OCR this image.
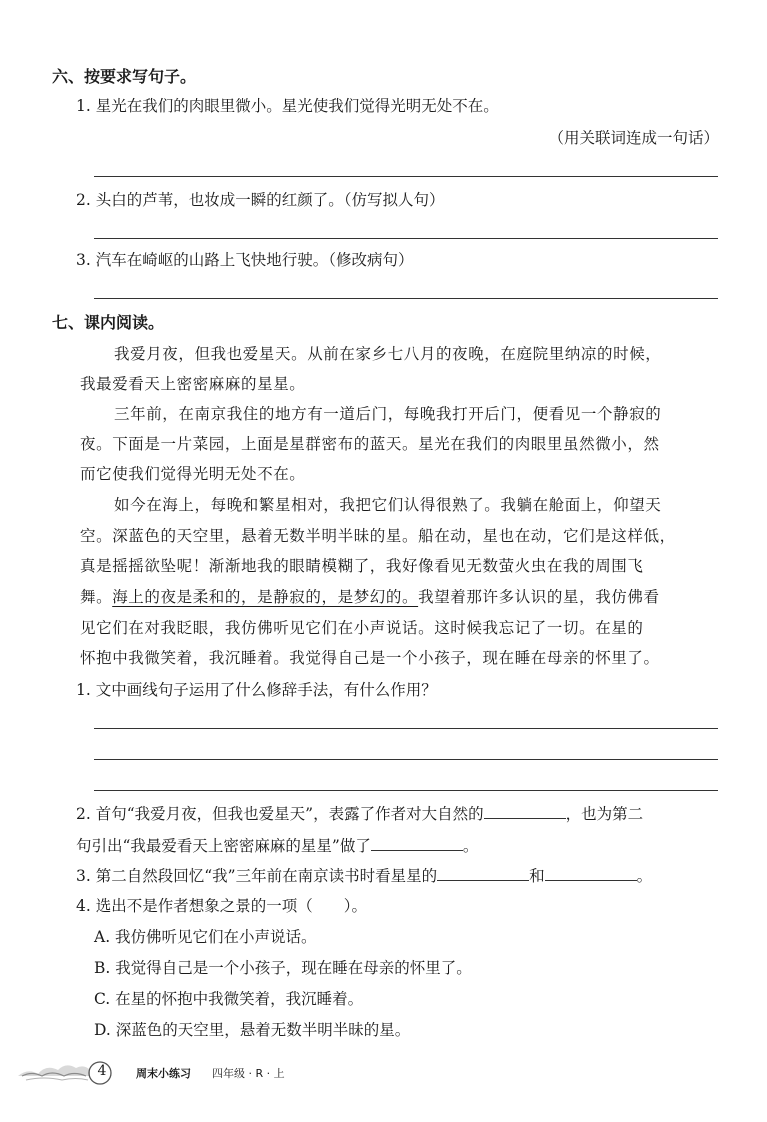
六、按要求写句子。
1. 星光在我们的肉眼里微小。星光使我们觉得光明无处不在。
（用关联词连成一句话）
2. 头白的芦苇，也妆成一瞬的红颜了。（仿写拟人句）
3. 汽车在崎岖的山路上飞快地行驶。（修改病句）
七、课内阅读。
我爱月夜，但我也爱星天。从前在家乡七八月的夜晚，在庭院里纳凉的时候，
我最爱看天上密密麻麻的星星。
三年前，在南京我住的地方有一道后门，每晚我打开后门，便看见一个静寂的
夜。下面是一片菜园，上面是星群密布的蓝天。星光在我们的肉眼里虽然微小，然
而它使我们觉得光明无处不在。
如今在海上，每晚和繁星相对，我把它们认得很熟了。我躺在舱面上，仰望天
空。深蓝色的天空里，悬着无数半明半昧的星。船在动，星也在动，它们是这样低，
真是摇摇欲坠呢！渐渐地我的眼睛模糊了，我好像看见无数萤火虫在我的周围飞
舞。海上的夜是柔和的，是静寂的，是梦幻的。我望着那许多认识的星，我仿佛看
见它们在对我眨眼，我仿佛听见它们在小声说话。这时候我忘记了一切。在星的
怀抱中我微笑着，我沉睡着。我觉得自己是一个小孩子，现在睡在母亲的怀里了。
1. 文中画线句子运用了什么修辞手法，有什么作用？
2. 首句“我爱月夜，但我也爱星天”，表露了作者对大自然的	，也为第二
句引出“我最爱看天上密密麻麻的星星”做了	。
3. 第二自然段回忆“我”三年前在南京读书时看星星的	和	。
4. 选出不是作者想象之景的一项（　　）。
A. 我仿佛听见它们在小声说话。
B. 我觉得自己是一个小孩子，现在睡在母亲的怀里了。
C. 在星的怀抱中我微笑着，我沉睡着。
D. 深蓝色的天空里，悬着无数半明半昧的星。
4	周末小练习 四年级 · R · 上
